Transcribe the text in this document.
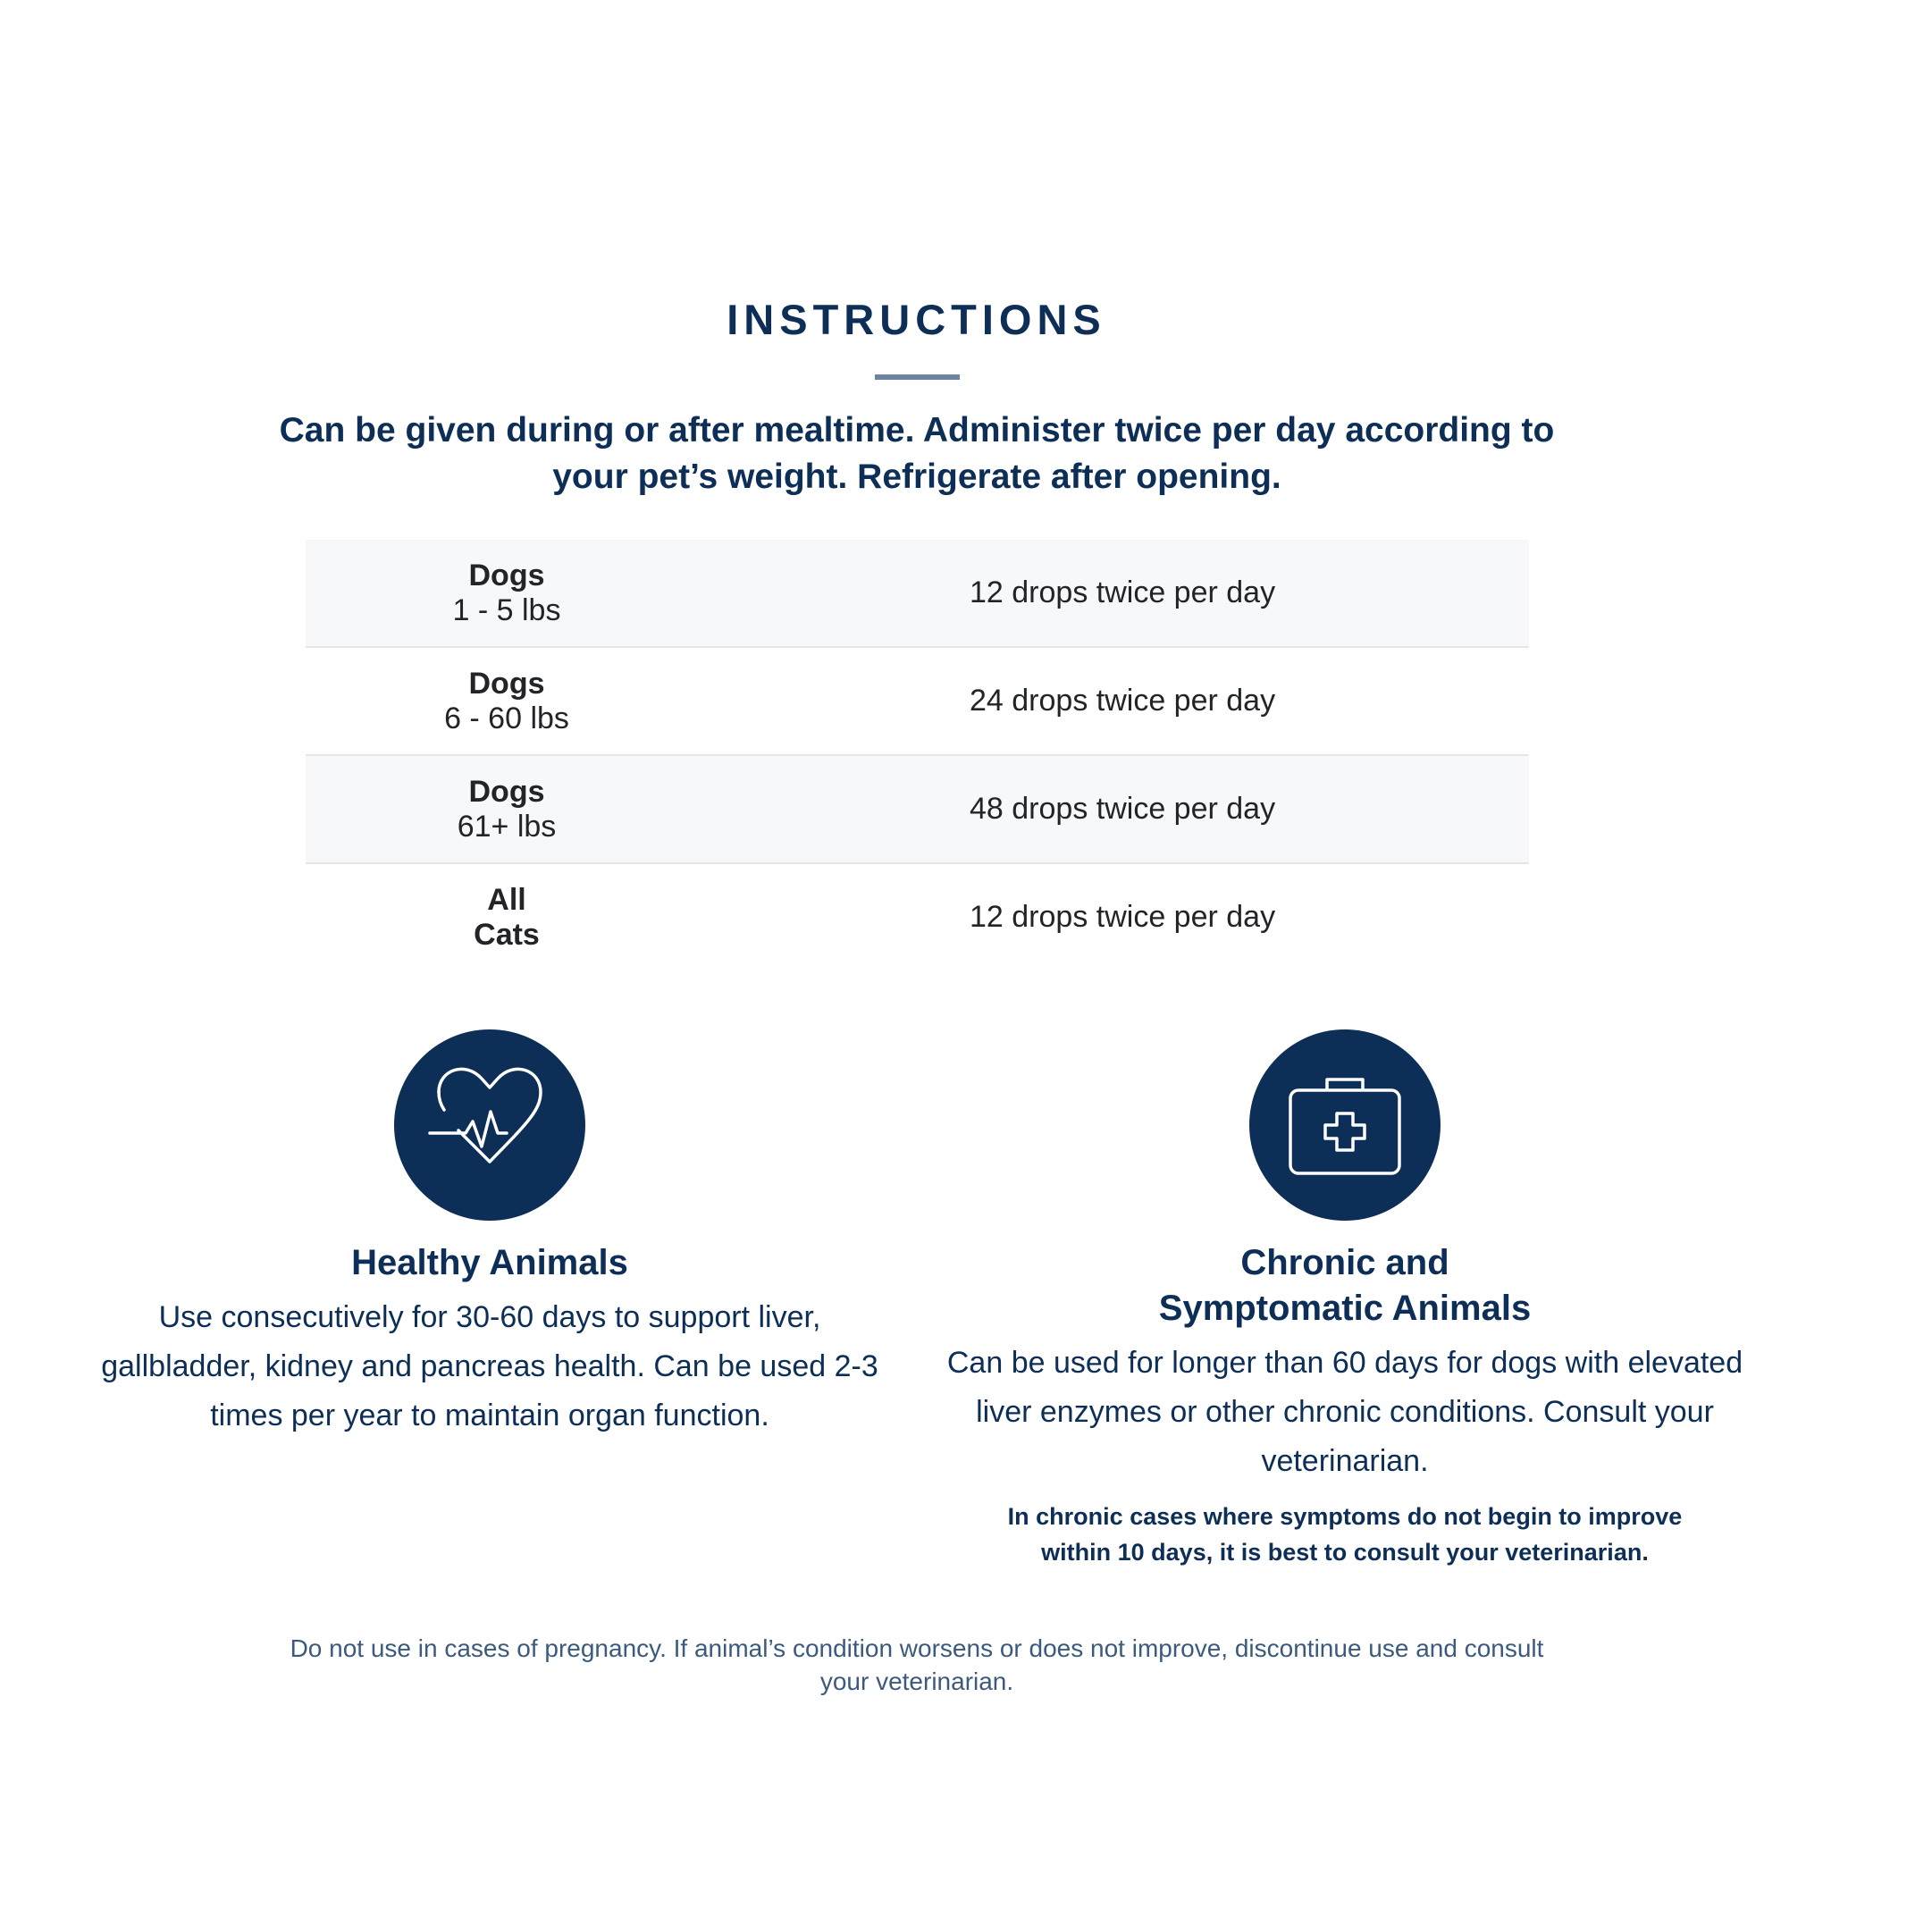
INSTRUCTIONS

Can be given during or after mealtime. Administer twice per day according to your pet’s weight. Refrigerate after opening.

Dogs
1 - 5 lbs	12 drops twice per day

Dogs
6 - 60 lbs	24 drops twice per day

Dogs
61+ lbs	48 drops twice per day

All
Cats	12 drops twice per day
Healthy Animals

Use consecutively for 30-60 days to support liver, gallbladder, kidney and pancreas health. Can be used 2-3 times per year to maintain organ function.

Chronic and
Symptomatic Animals

Can be used for longer than 60 days for dogs with elevated liver enzymes or other chronic conditions. Consult your veterinarian.

In chronic cases where symptoms do not begin to improve within 10 days, it is best to consult your veterinarian.

Do not use in cases of pregnancy. If animal’s condition worsens or does not improve, discontinue use and consult your veterinarian.
